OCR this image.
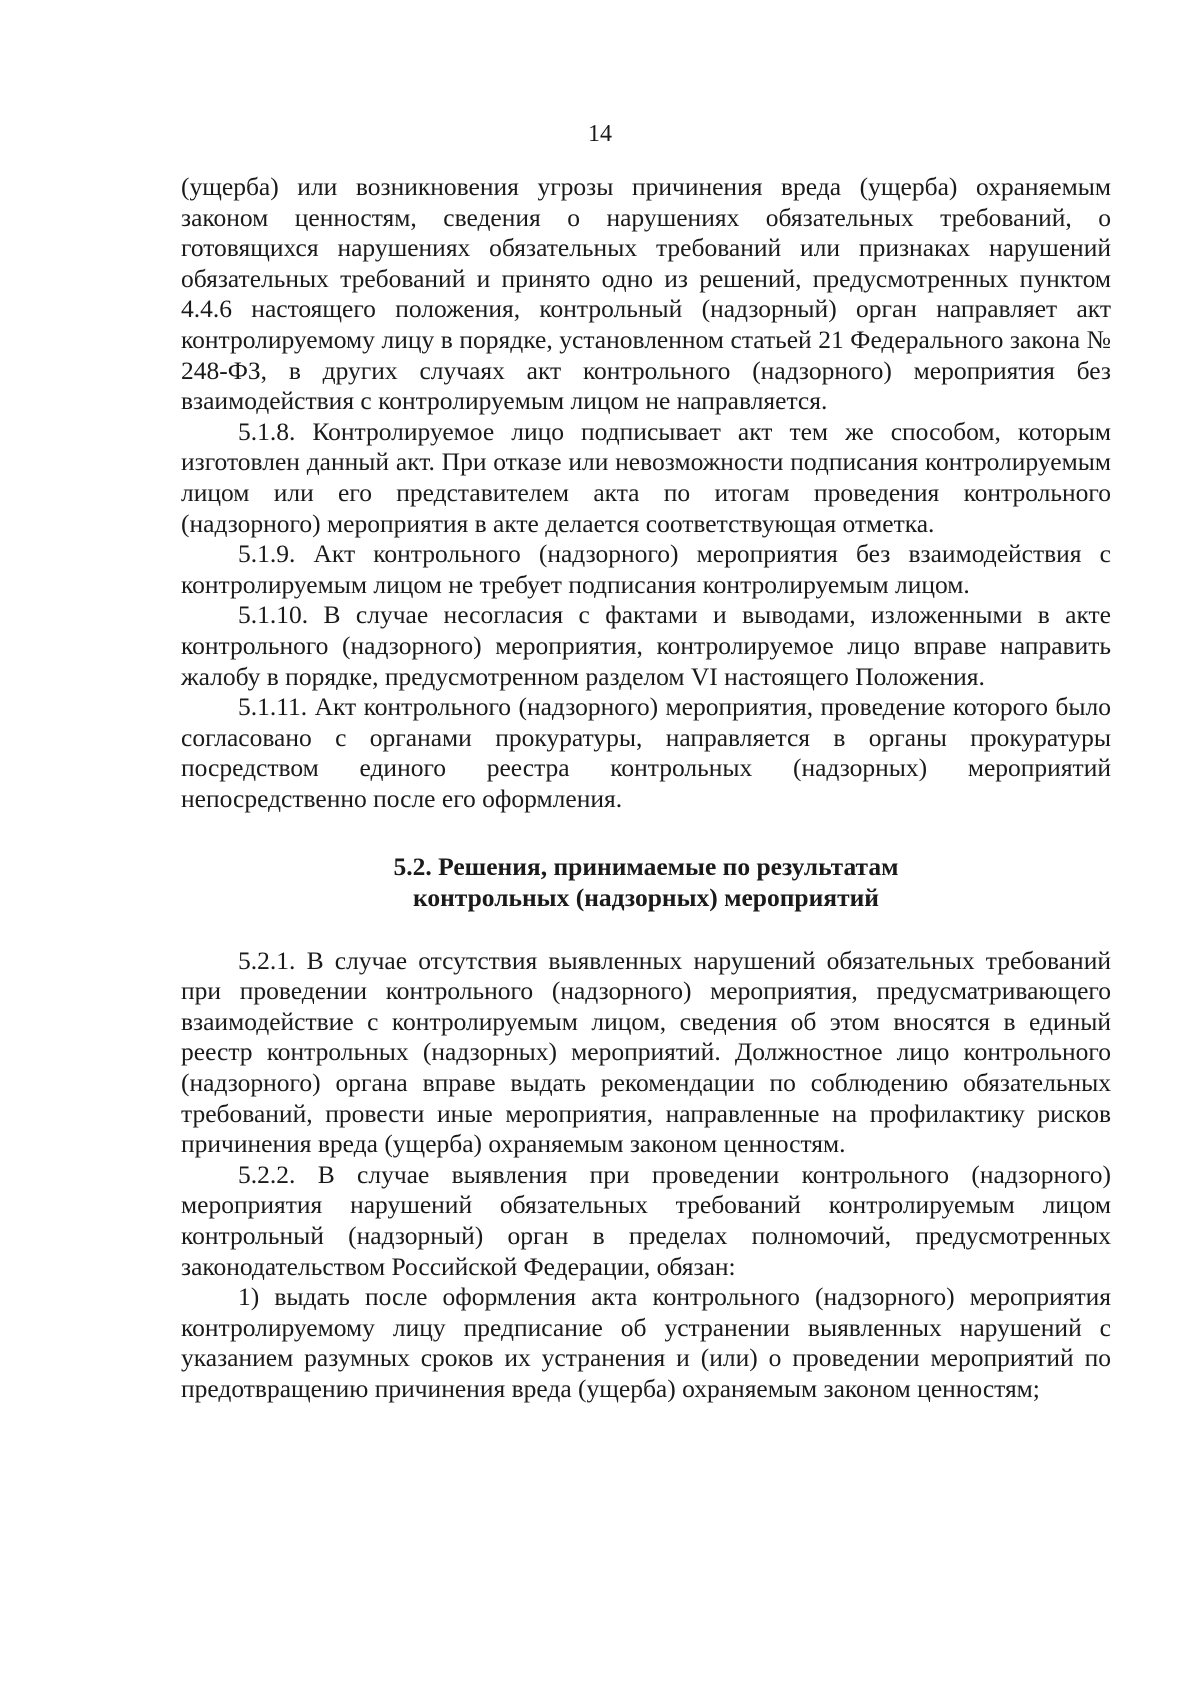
14

(ущерба) или возникновения угрозы причинения вреда (ущерба) охраняемым законом ценностям, сведения о нарушениях обязательных требований, о готовящихся нарушениях обязательных требований или признаках нарушений обязательных требований и принято одно из решений, предусмотренных пунктом 4.4.6 настоящего положения, контрольный (надзорный) орган направляет акт контролируемому лицу в порядке, установленном статьей 21 Федерального закона № 248-ФЗ, в других случаях акт контрольного (надзорного) мероприятия без взаимодействия с контролируемым лицом не направляется.

5.1.8. Контролируемое лицо подписывает акт тем же способом, которым изготовлен данный акт. При отказе или невозможности подписания контролируемым лицом или его представителем акта по итогам проведения контрольного (надзорного) мероприятия в акте делается соответствующая отметка.

5.1.9. Акт контрольного (надзорного) мероприятия без взаимодействия с контролируемым лицом не требует подписания контролируемым лицом.

5.1.10. В случае несогласия с фактами и выводами, изложенными в акте контрольного (надзорного) мероприятия, контролируемое лицо вправе направить жалобу в порядке, предусмотренном разделом VI настоящего Положения.

5.1.11. Акт контрольного (надзорного) мероприятия, проведение которого было согласовано с органами прокуратуры, направляется в органы прокуратуры посредством единого реестра контрольных (надзорных) мероприятий непосредственно после его оформления.

5.2. Решения, принимаемые по результатам
контрольных (надзорных) мероприятий

5.2.1. В случае отсутствия выявленных нарушений обязательных требований при проведении контрольного (надзорного) мероприятия, предусматривающего взаимодействие с контролируемым лицом, сведения об этом вносятся в единый реестр контрольных (надзорных) мероприятий. Должностное лицо контрольного (надзорного) органа вправе выдать рекомендации по соблюдению обязательных требований, провести иные мероприятия, направленные на профилактику рисков причинения вреда (ущерба) охраняемым законом ценностям.

5.2.2. В случае выявления при проведении контрольного (надзорного) мероприятия нарушений обязательных требований контролируемым лицом контрольный (надзорный) орган в пределах полномочий, предусмотренных законодательством Российской Федерации, обязан:

1) выдать после оформления акта контрольного (надзорного) мероприятия контролируемому лицу предписание об устранении выявленных нарушений с указанием разумных сроков их устранения и (или) о проведении мероприятий по предотвращению причинения вреда (ущерба) охраняемым законом ценностям;
